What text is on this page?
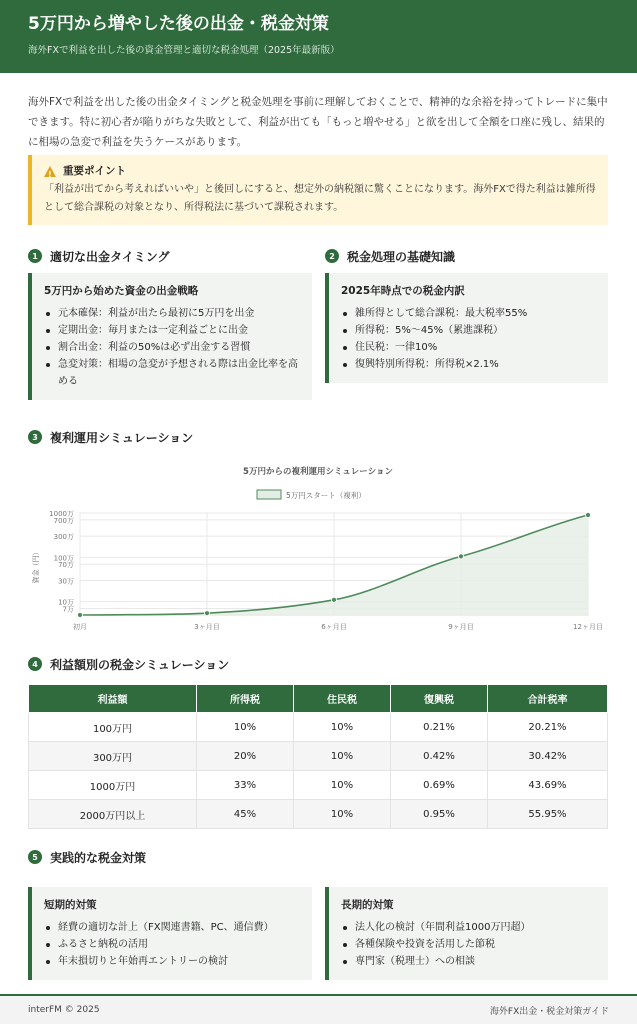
5万円から増やした後の出金・税金対策
海外FXで利益を出した後の資金管理と適切な税金処理（2025年最新版）

海外FXで利益を出した後の出金タイミングと税金処理を事前に理解しておくことで、精神的な余裕を持ってトレードに集中できます。特に初心者が陥りがちな失敗として、利益が出ても「もっと増やせる」と欲を出して全額を口座に残し、結果的に相場の急変で利益を失うケースがあります。

!
重要ポイント
「利益が出てから考えればいいや」と後回しにすると、想定外の納税額に驚くことになります。海外FXで得た利益は雑所得として総合課税の対象となり、所得税法に基づいて課税されます。
1	適切な出金タイミング
5万円から始めた資金の出金戦略
元本確保：利益が出たら最初に5万円を出金
定期出金：毎月または一定利益ごとに出金
割合出金：利益の50%は必ず出金する習慣
急変対策：相場の急変が予想される際は出金比率を高める
2	税金処理の基礎知識
2025年時点での税金内訳
雑所得として総合課税：最大税率55%
所得税：5%〜45%（累進課税）
住民税：一律10%
復興特別所得税：所得税×2.1%
3	複利運用シミュレーション
5万円からの複利運用シミュレーション
5万円スタート（複利）
資金（円）
7万
10万
30万
70万
100万
300万
700万
1000万
初月	3ヶ月目	6ヶ月目	9ヶ月目	12ヶ月目
4	利益額別の税金シミュレーション
利益額	所得税	住民税	復興税	合計税率
100万円	10%	10%	0.21%	20.21%
300万円	20%	10%	0.42%	30.42%
1000万円	33%	10%	0.69%	43.69%
2000万円以上	45%	10%	0.95%	55.95%
5	実践的な税金対策
短期的対策
経費の適切な計上（FX関連書籍、PC、通信費）
ふるさと納税の活用
年末損切りと年始再エントリーの検討
長期的対策
法人化の検討（年間利益1000万円超）
各種保険や投資を活用した節税
専門家（税理士）への相談
interFM © 2025	海外FX出金・税金対策ガイド
